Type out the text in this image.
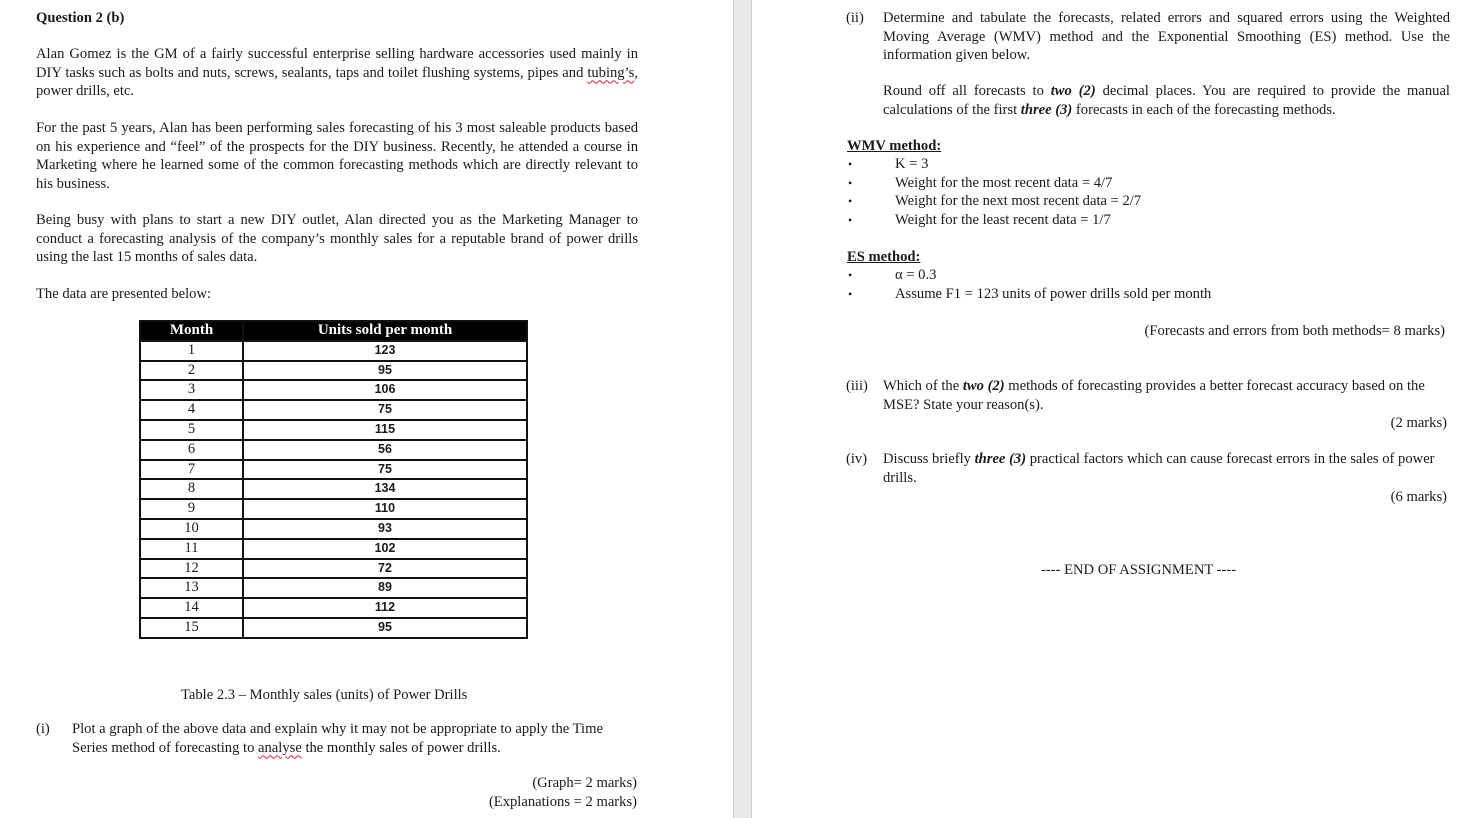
Question 2 (b)
Alan Gomez is the GM of a fairly successful enterprise selling hardware accessories used mainly in DIY tasks such as bolts and nuts, screws, sealants, taps and toilet flushing systems, pipes and tubing’s, power drills, etc.
For the past 5 years, Alan has been performing sales forecasting of his 3 most saleable products based on his experience and “feel” of the prospects for the DIY business. Recently, he attended a course in Marketing where he learned some of the common forecasting methods which are directly relevant to his business.
Being busy with plans to start a new DIY outlet, Alan directed you as the Marketing Manager to conduct a forecasting analysis of the company’s monthly sales for a reputable brand of power drills using the last 15 months of sales data.
The data are presented below:
Month	Units sold per month
1	123
2	95
3	106
4	75
5	115
6	56
7	75
8	134
9	110
10	93
11	102
12	72
13	89
14	112
15	95
Table 2.3 – Monthly sales (units) of Power Drills
(i) Plot a graph of the above data and explain why it may not be appropriate to apply the Time Series method of forecasting to analyse the monthly sales of power drills.
(Graph= 2 marks)
(Explanations = 2 marks)
(ii) Determine and tabulate the forecasts, related errors and squared errors using the Weighted Moving Average (WMV) method and the Exponential Smoothing (ES) method. Use the information given below.
Round off all forecasts to two (2) decimal places. You are required to provide the manual calculations of the first three (3) forecasts in each of the forecasting methods.
WMV method:
•	K = 3
•	Weight for the most recent data = 4/7
•	Weight for the next most recent data = 2/7
•	Weight for the least recent data = 1/7
ES method:
•	α = 0.3
•	Assume F1 = 123 units of power drills sold per month
(Forecasts and errors from both methods= 8 marks)
(iii) Which of the two (2) methods of forecasting provides a better forecast accuracy based on the MSE? State your reason(s).
(2 marks)
(iv) Discuss briefly three (3) practical factors which can cause forecast errors in the sales of power drills.
(6 marks)
---- END OF ASSIGNMENT ----
